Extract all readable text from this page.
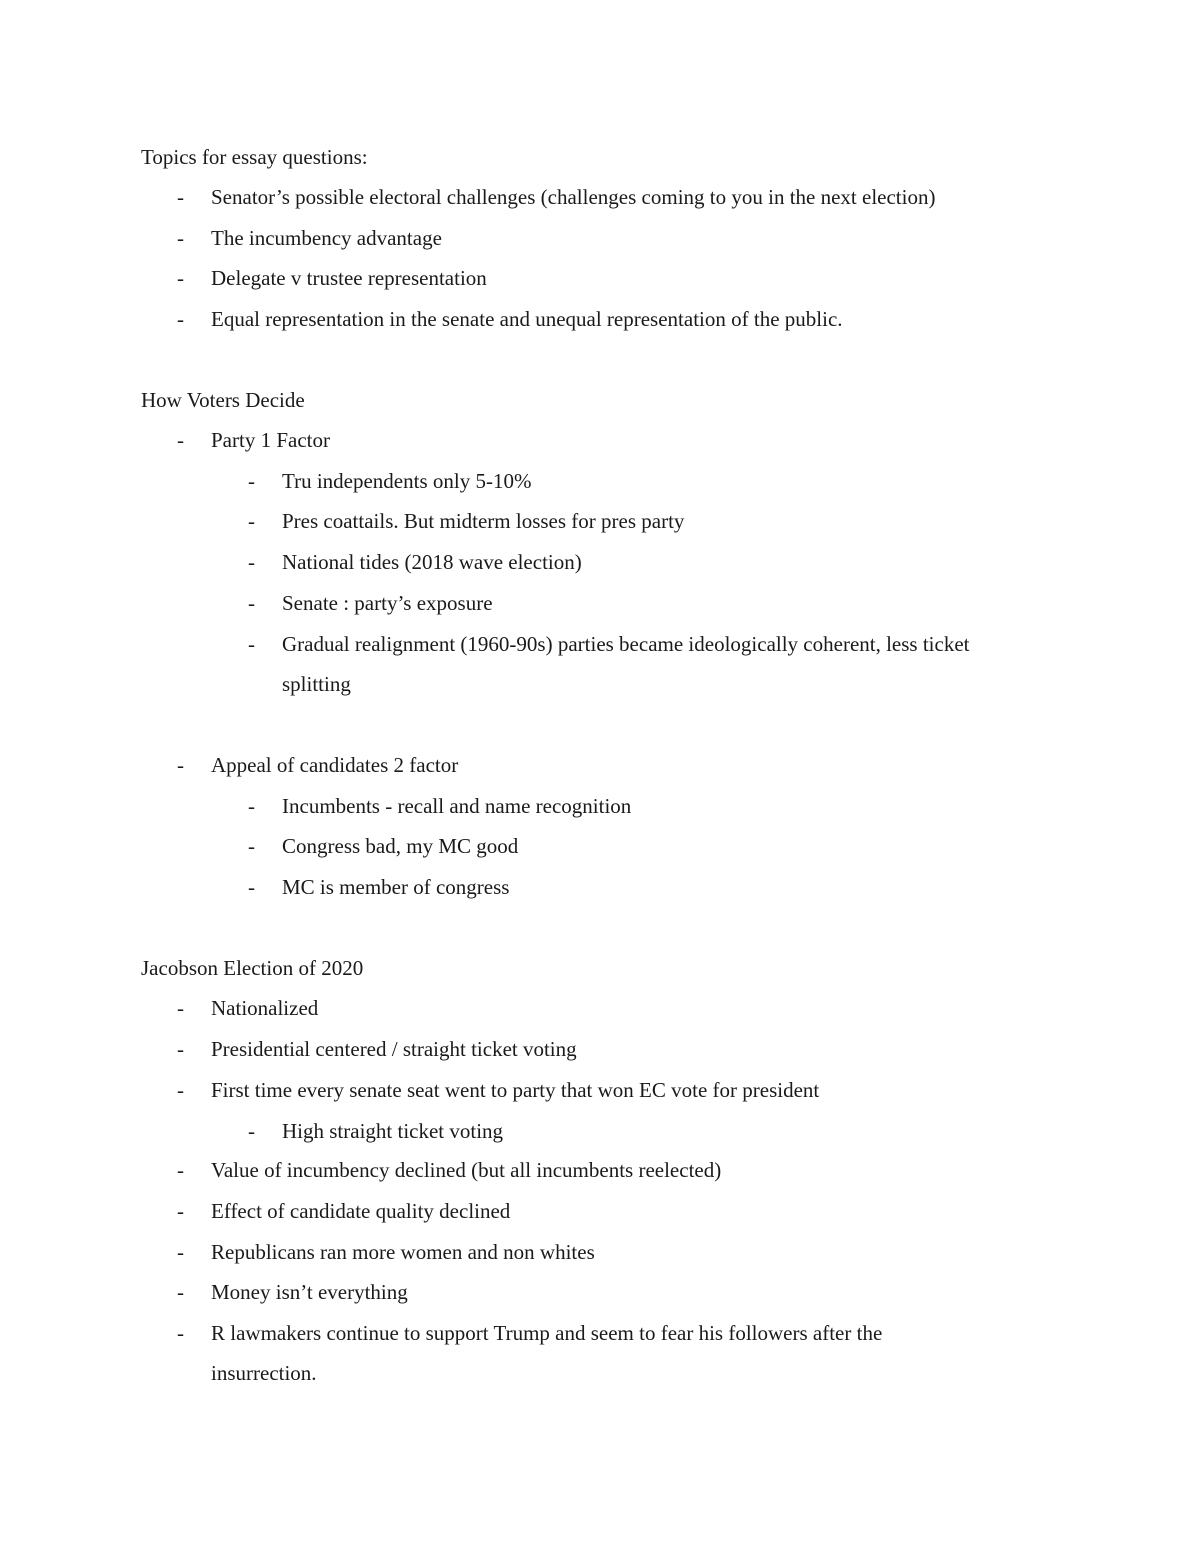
Topics for essay questions:
- Senator’s possible electoral challenges (challenges coming to you in the next election)
- The incumbency advantage
- Delegate v trustee representation
- Equal representation in the senate and unequal representation of the public.
How Voters Decide
- Party 1 Factor
- Tru independents only 5-10%
- Pres coattails. But midterm losses for pres party
- National tides (2018 wave election)
- Senate : party’s exposure
- Gradual realignment (1960-90s) parties became ideologically coherent, less ticket
splitting
- Appeal of candidates 2 factor
- Incumbents - recall and name recognition
- Congress bad, my MC good
- MC is member of congress
Jacobson Election of 2020
- Nationalized
- Presidential centered / straight ticket voting
- First time every senate seat went to party that won EC vote for president
- High straight ticket voting
- Value of incumbency declined (but all incumbents reelected)
- Effect of candidate quality declined
- Republicans ran more women and non whites
- Money isn’t everything
- R lawmakers continue to support Trump and seem to fear his followers after the
insurrection.
